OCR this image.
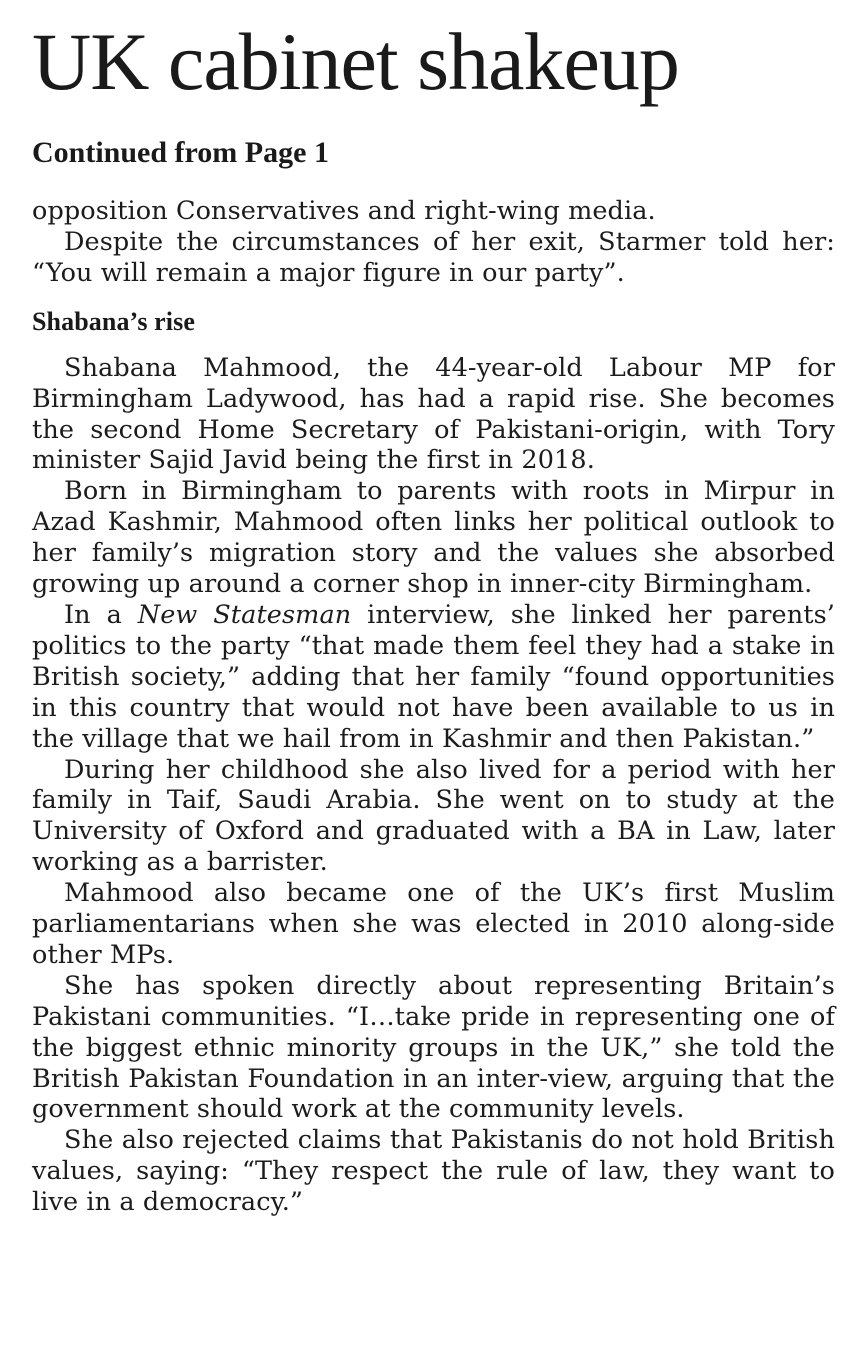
UK cabinet shakeup
Continued from Page 1

opposition Conservatives and right-wing media.

Despite the circumstances of her exit, Starmer told her: “You will remain a major figure in our party”.

Shabana’s rise

Shabana Mahmood, the 44-year-old Labour MP for Birmingham Ladywood, has had a rapid rise. She becomes the second Home Secretary of Pakistani-origin, with Tory minister Sajid Javid being the first in 2018.

Born in Birmingham to parents with roots in Mirpur in Azad Kashmir, Mahmood often links her political outlook to her family’s migration story and the values she absorbed growing up around a corner shop in inner-city Birmingham.

In a New Statesman interview, she linked her parents’ politics to the party “that made them feel they had a stake in British society,” adding that her family “found opportunities in this country that would not have been available to us in the village that we hail from in Kashmir and then Pakistan.”

During her childhood she also lived for a period with her family in Taif, Saudi Arabia. She went on to study at the University of Oxford and graduated with a BA in Law, later working as a barrister.

Mahmood also became one of the UK’s first Muslim parliamentarians when she was elected in 2010 along-side other MPs.

She has spoken directly about representing Britain’s Pakistani communities. “I…take pride in representing one of the biggest ethnic minority groups in the UK,” she told the British Pakistan Foundation in an inter-view, arguing that the government should work at the community levels.

She also rejected claims that Pakistanis do not hold British values, saying: “They respect the rule of law, they want to live in a democracy.”
